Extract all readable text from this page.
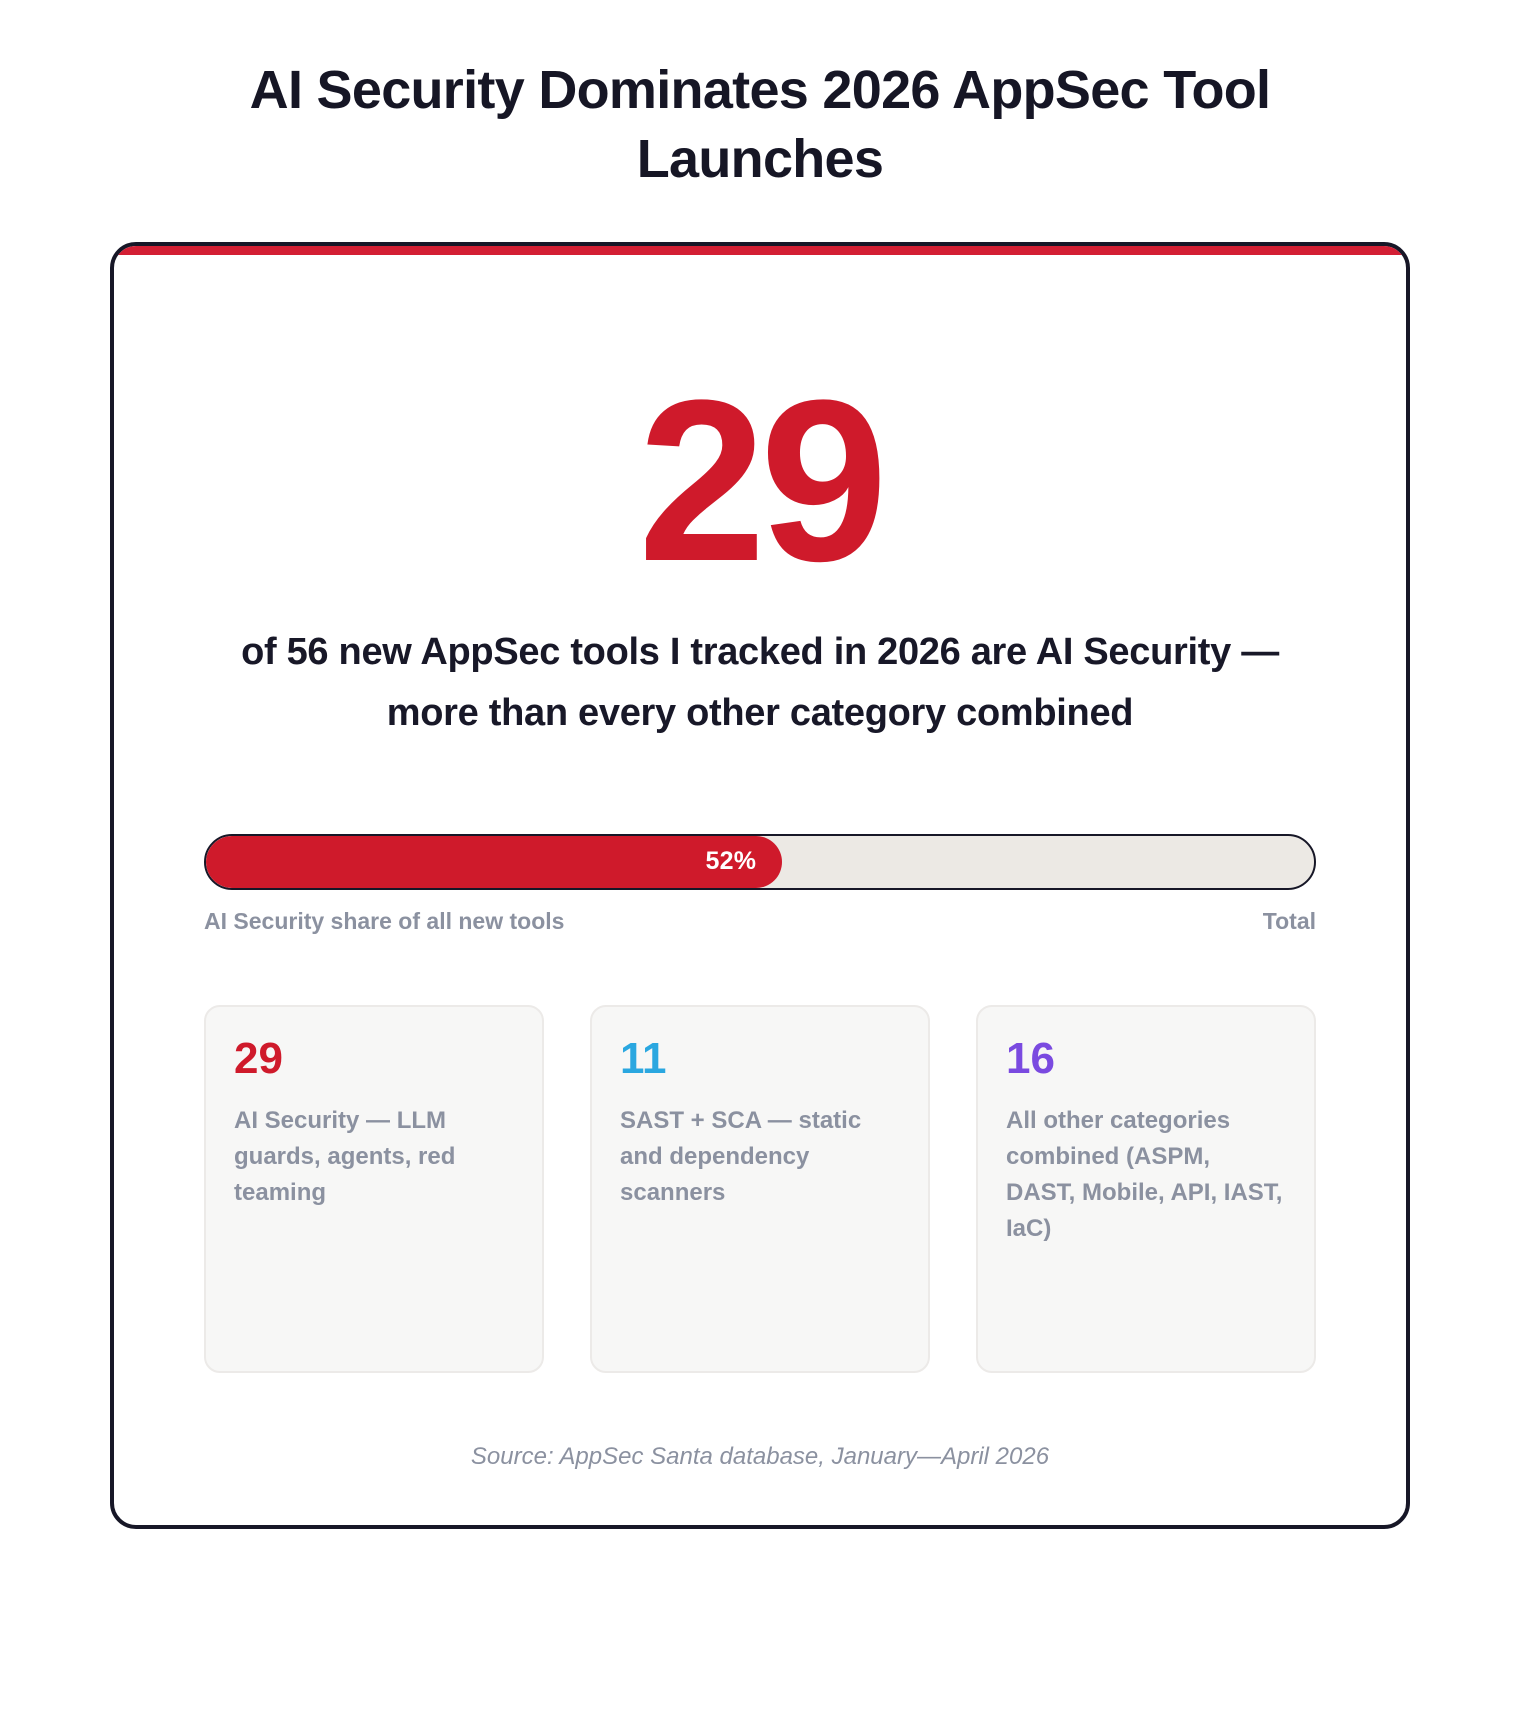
AI Security Dominates 2026 AppSec Tool Launches
29
of 56 new AppSec tools I tracked in 2026 are AI Security — more than every other category combined
52%
AI Security share of all new tools	Total
29
AI Security — LLM guards, agents, red teaming
11
SAST + SCA — static and dependency scanners
16
All other categories combined (ASPM, DAST, Mobile, API, IAST, IaC)
Source: AppSec Santa database, January—April 2026
